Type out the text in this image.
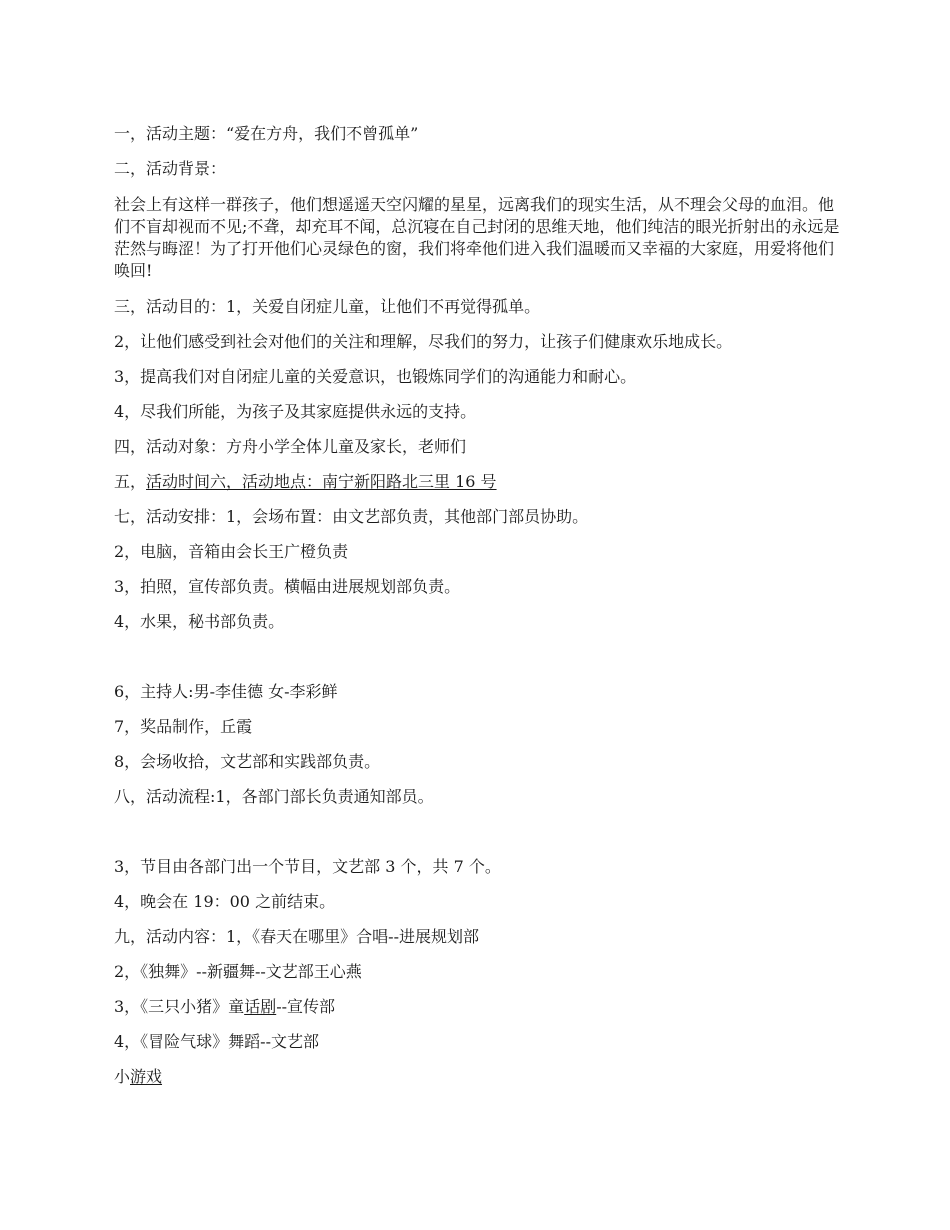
一，活动主题：“爱在方舟，我们不曾孤单”

二，活动背景：

社会上有这样一群孩子，他们想遥遥天空闪耀的星星，远离我们的现实生活，从不理会父母的血泪。他们不盲却视而不见;不聋，却充耳不闻，总沉寝在自己封闭的思维天地，他们纯洁的眼光折射出的永远是茫然与晦涩！为了打开他们心灵绿色的窗，我们将牵他们进入我们温暖而又幸福的大家庭，用爱将他们唤回!

三，活动目的：1，关爱自闭症儿童，让他们不再觉得孤单。

2，让他们感受到社会对他们的关注和理解，尽我们的努力，让孩子们健康欢乐地成长。

3，提高我们对自闭症儿童的关爱意识，也锻炼同学们的沟通能力和耐心。

4，尽我们所能，为孩子及其家庭提供永远的支持。

四，活动对象：方舟小学全体儿童及家长，老师们

五，活动时间六，活动地点：南宁新阳路北三里 16 号

七，活动安排：1，会场布置：由文艺部负责，其他部门部员协助。

2，电脑，音箱由会长王广橙负责

3，拍照，宣传部负责。横幅由进展规划部负责。

4，水果，秘书部负责。

6，主持人:男-李佳德 女-李彩鲜

7，奖品制作，丘霞

8，会场收拾，文艺部和实践部负责。

八，活动流程:1，各部门部长负责通知部员。

3，节目由各部门出一个节目，文艺部 3 个，共 7 个。

4，晚会在 19：00 之前结束。

九，活动内容：1，《春天在哪里》合唱--进展规划部

2，《独舞》--新疆舞--文艺部王心燕

3，《三只小猪》童话剧--宣传部

4，《冒险气球》舞蹈--文艺部

小游戏
